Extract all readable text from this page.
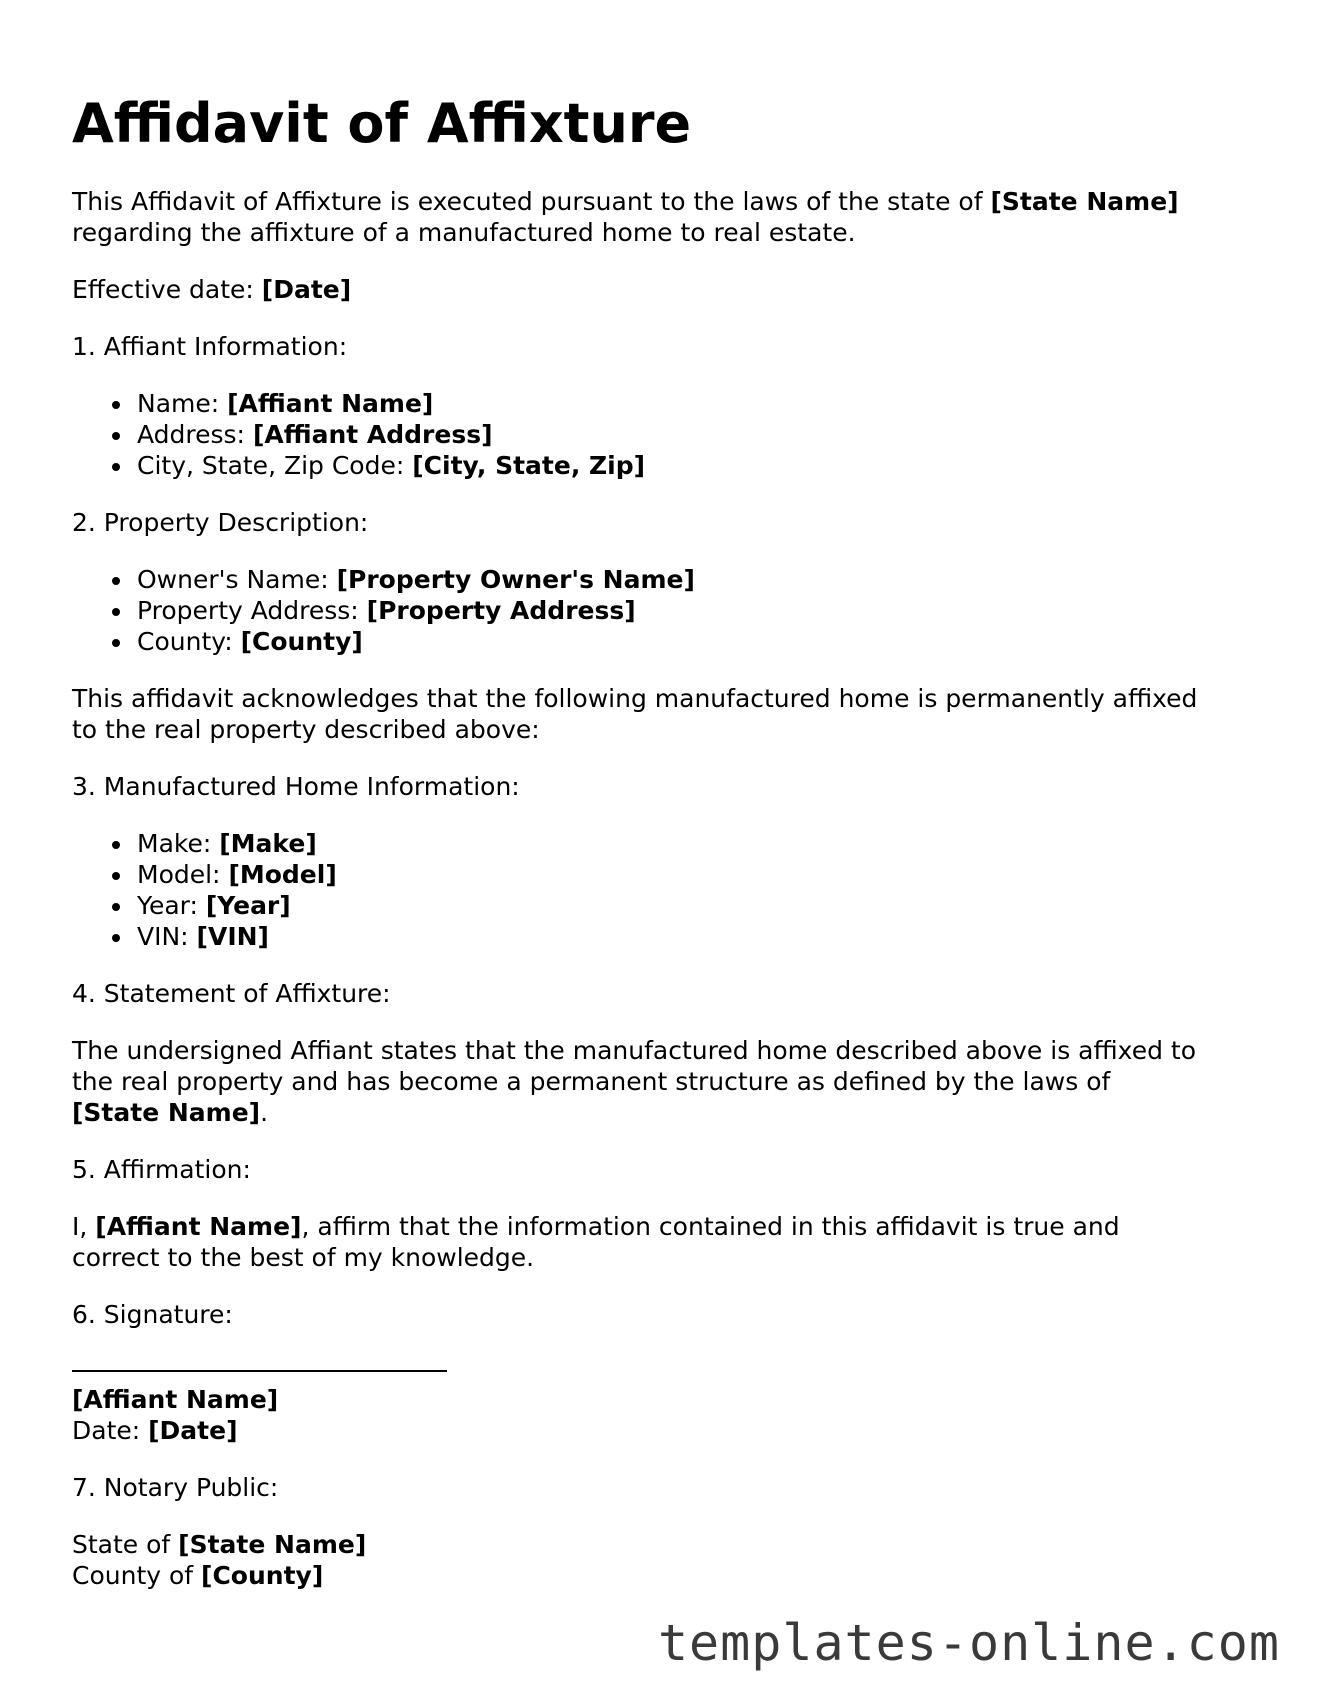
Affidavit of Affixture

This Affidavit of Affixture is executed pursuant to the laws of the state of [State Name]
regarding the affixture of a manufactured home to real estate.

Effective date: [Date]

1. Affiant Information:

Name: [Affiant Name]
Address: [Affiant Address]
City, State, Zip Code: [City, State, Zip]

2. Property Description:

Owner's Name: [Property Owner's Name]
Property Address: [Property Address]
County: [County]

This affidavit acknowledges that the following manufactured home is permanently affixed
to the real property described above:

3. Manufactured Home Information:

Make: [Make]
Model: [Model]
Year: [Year]
VIN: [VIN]

4. Statement of Affixture:

The undersigned Affiant states that the manufactured home described above is affixed to
the real property and has become a permanent structure as defined by the laws of
[State Name].

5. Affirmation:

I, [Affiant Name], affirm that the information contained in this affidavit is true and
correct to the best of my knowledge.

6. Signature:

[Affiant Name]
Date: [Date]

7. Notary Public:

State of [State Name]
County of [County]

templates-online.com
